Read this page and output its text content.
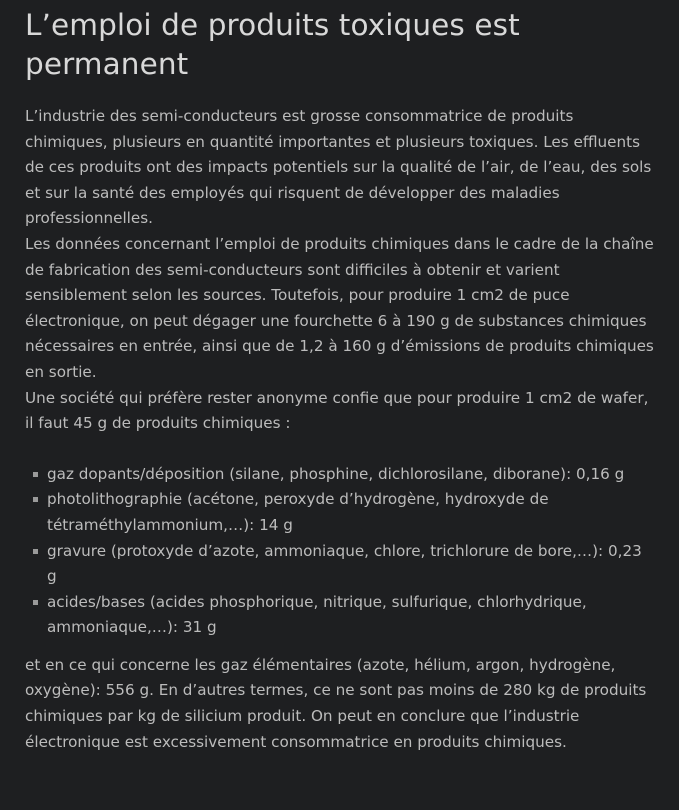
L’emploi de produits toxiques est permanent

L’industrie des semi-conducteurs est grosse consommatrice de produits chimiques, plusieurs en quantité importantes et plusieurs toxiques. Les effluents de ces produits ont des impacts potentiels sur la qualité de l’air, de l’eau, des sols et sur la santé des employés qui risquent de développer des maladies professionnelles.

Les données concernant l’emploi de produits chimiques dans le cadre de la chaîne de fabrication des semi-conducteurs sont difficiles à obtenir et varient sensiblement selon les sources. Toutefois, pour produire 1 cm2 de puce électronique, on peut dégager une fourchette 6 à 190 g de substances chimiques nécessaires en entrée, ainsi que de 1,2 à 160 g d’émissions de produits chimiques en sortie.

Une société qui préfère rester anonyme confie que pour produire 1 cm2 de wafer, il faut 45 g de produits chimiques :

gaz dopants/déposition (silane, phosphine, dichlorosilane, diborane): 0,16 g
photolithographie (acétone, peroxyde d’hydrogène, hydroxyde de tétraméthylammonium,…): 14 g
gravure (protoxyde d’azote, ammoniaque, chlore, trichlorure de bore,…): 0,23 g
acides/bases (acides phosphorique, nitrique, sulfurique, chlorhydrique, ammoniaque,…): 31 g

et en ce qui concerne les gaz élémentaires (azote, hélium, argon, hydrogène, oxygène): 556 g. En d’autres termes, ce ne sont pas moins de 280 kg de produits chimiques par kg de silicium produit. On peut en conclure que l’industrie électronique est excessivement consommatrice en produits chimiques.
